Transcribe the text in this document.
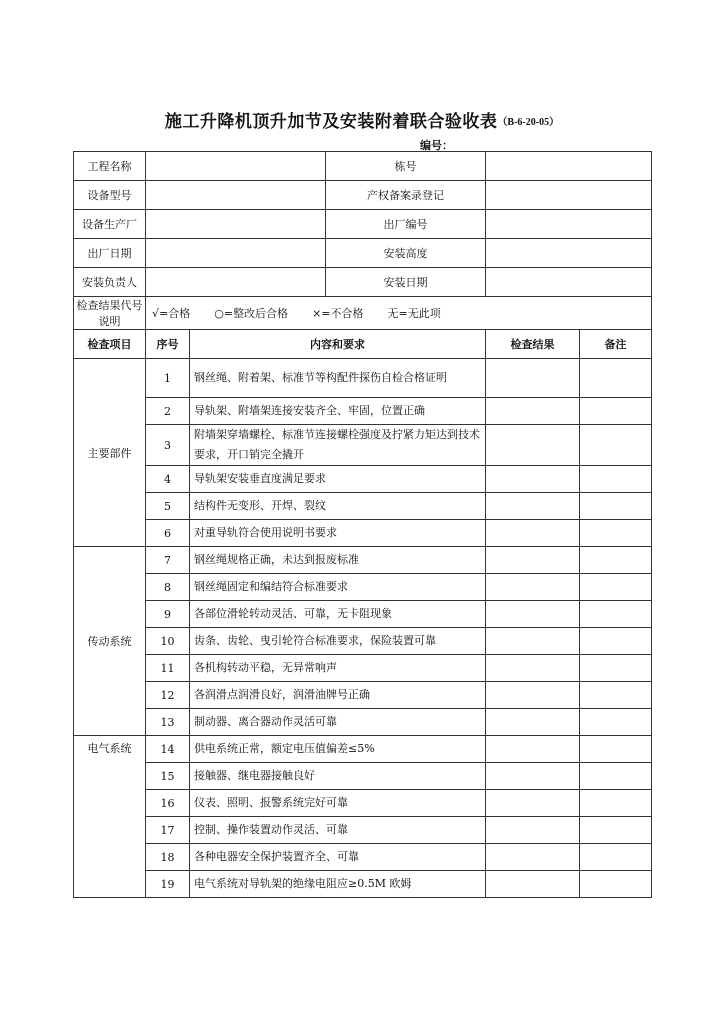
施工升降机顶升加节及安装附着联合验收表（B-6-20-05）
编号：
工程名称			栋号		
设备型号			产权备案录登记		
设备生产厂			出厂编号		
出厂日期			安装高度		
安装负责人			安装日期		
检查结果代号说明	√=合格 ○=整改后合格 ×=不合格 无=无此项				
检查项目	序号	内容和要求		检查结果	备注
主要部件	1	钢丝绳、附着架、标准节等构配件探伤自检合格证明			
	2	导轨架、附墙架连接安装齐全、牢固，位置正确			
	3	附墙架穿墙螺栓、标准节连接螺栓强度及拧紧力矩达到技术要求，开口销完全撬开			
	4	导轨架安装垂直度满足要求			
	5	结构件无变形、开焊、裂纹			
	6	对重导轨符合使用说明书要求			
传动系统	7	钢丝绳规格正确，未达到报废标准			
	8	钢丝绳固定和编结符合标准要求			
	9	各部位滑轮转动灵活、可靠，无卡阻现象			
	10	齿条、齿轮、曳引轮符合标准要求，保险装置可靠			

	11	各机构转动平稳，无异常响声			
	12	各润滑点润滑良好，润滑油牌号正确			
	13	制动器、离合器动作灵活可靠			
电气系统	14	供电系统正常，额定电压值偏差≤5%			
	15	接触器、继电器接触良好			
	16	仪表、照明、报警系统完好可靠			
	17	控制、操作装置动作灵活、可靠			
	18	各种电器安全保护装置齐全、可靠			
	19	电气系统对导轨架的绝缘电阻应≥0.5M 欧姆			
